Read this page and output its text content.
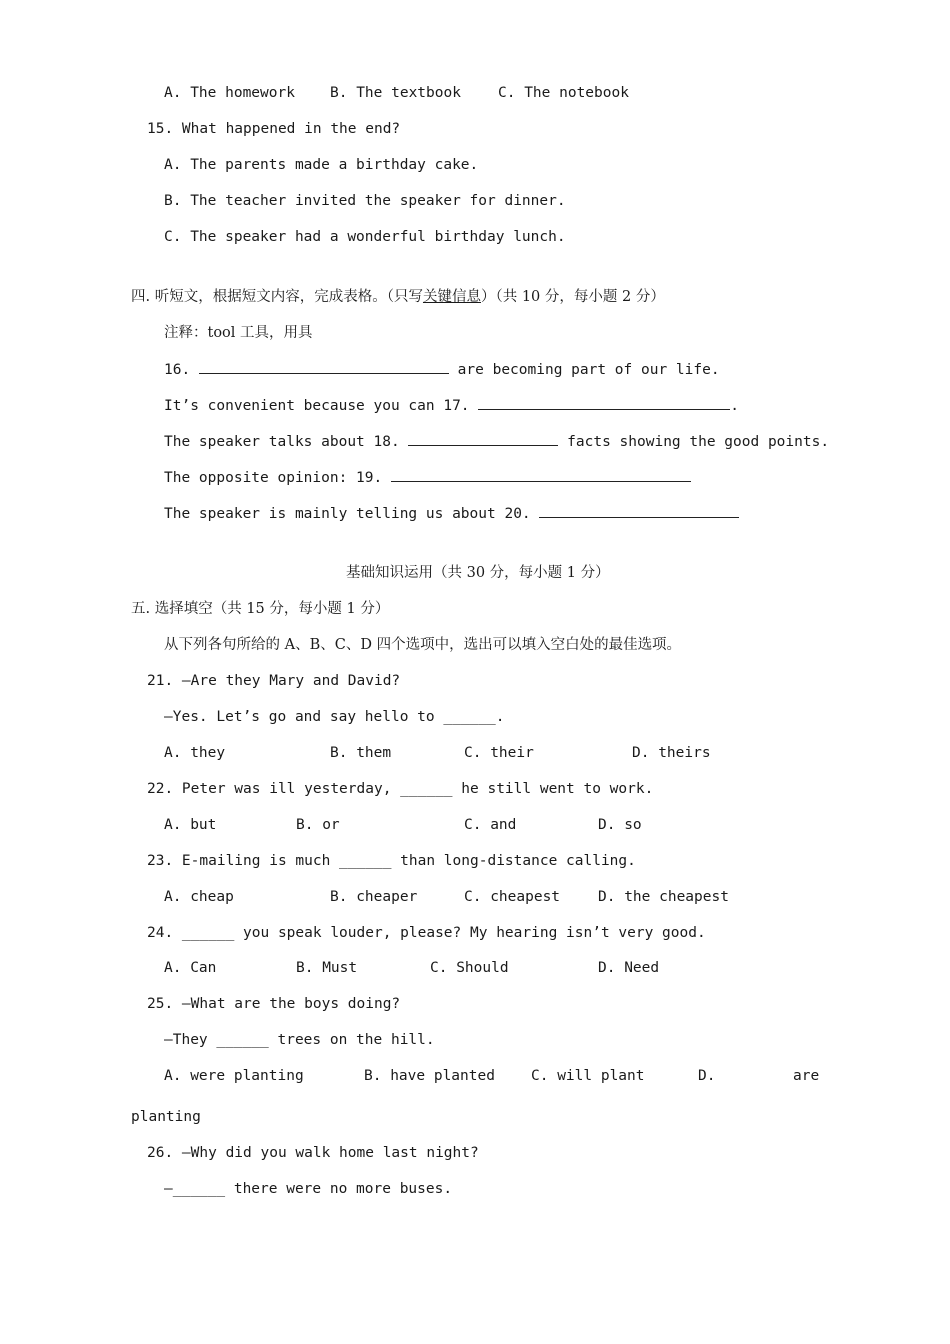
A. The homework B. The textbook	C. The notebook
15. What happened in the end?
A. The parents made a birthday cake.
B. The teacher invited the speaker for dinner.
C. The speaker had a wonderful birthday lunch.
四. 听短文，根据短文内容，完成表格。（只写关键信息）（共 10 分，每小题 2 分）
注释：tool 工具，用具
16.	are becoming part of our life.
It’s convenient because you can 17.	.
The speaker talks about 18.	facts showing the good points.
The opposite opinion: 19.
The speaker is mainly telling us about 20.
基础知识运用（共 30 分，每小题 1 分）
五. 选择填空（共 15 分，每小题 1 分）
从下列各句所给的 A、B、C、D 四个选项中，选出可以填入空白处的最佳选项。
21. —Are they Mary and David?
—Yes. Let’s go and say hello to ______.
A. they	B. them	C. their	D. theirs
22. Peter was ill yesterday, ______ he still went to work.
A. but	B. or	C. and	D. so
23. E-mailing is much ______ than long-distance calling.
A. cheap	B. cheaper	C. cheapest	D. the cheapest
24. ______ you speak louder, please? My hearing isn’t very good.
A. Can	B. Must	C. Should	D. Need
25. —What are the boys doing?
—They ______ trees on the hill.
A. were planting	B. have planted C. will plant	D.	are
planting
26. —Why did you walk home last night?
—______ there were no more buses.
